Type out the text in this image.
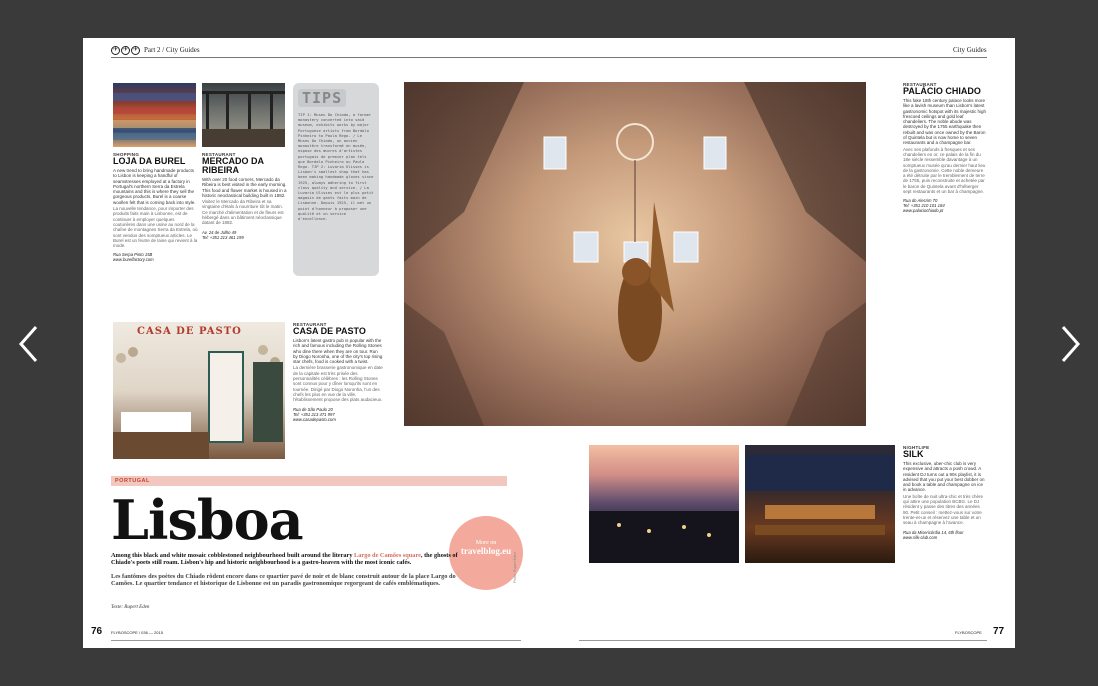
✈ ✈ ✈ Part 2 / City Guides
SHOPPING
LOJA DA BUREL
A new trend to bring handmade products to Lisbon is keeping a handful of seamstresses employed at a factory in Portugal's northern Serra da Estrela mountains and this is where they sell the gorgeous products. Burel is a coarse woollen felt that is coming back into style.
La nouvelle tendance, pour importer des produits faits main à Lisbonne, est de continuer à employer quelques couturières dans une usine au nord de la chaîne de montagnes Serra da Estrela, où sont vendus des somptueux articles. Le Burel est un feutre de laine qui revient à la mode.
Rua Serpa Pinto 15B
www.burelfactory.com
RESTAURANT
MERCADO DA RIBEIRA
With over 20 food corners, Mercado da Ribeira is best visited in the early morning. This food and flower market is housed in a historic neoclassical building built in 1882.
Visitez le Mercado da Ribeira et sa vingtaine d'étals à nourriture tôt le matin. Ce marché d'alimentation et de fleurs est hébergé dans un bâtiment néoclassique datant de 1882.
Av. 24 de Julho 49
Tel: +351 213 461 199
TIPS

TIP 1: Museu Do Chiado, a former monastery converted into said museum, exhibits works by major Portuguese artists from Bordalo Pinheiro to Paula Rego. / Le Museu Do Chiado, un ancien monastère transformé en musée, expose des œuvres d'artistes portugais de premier plan tels que Bordalo Pinheiro ou Paula Rego. TIP 2: Luvaria Ulisses is Lisbon's smallest shop that has been making handmade gloves since 1925, always adhering to first class quality and service. / La Luvaria Ulisses est le plus petit magasin de gants faits main de Lisbonne. Depuis 1925, il met un point d'honneur à proposer une qualité et un service d'excellence.

CASA DE PASTO
RESTAURANT
CASA DE PASTO
Lisbon's latest gastro pub is popular with the rich and famous including the Rolling Stones who dine there when they are on tour. Run by Diogo Noronha, one of the city's top rising star chefs, food is cooked with a twist.
La dernière brasserie gastronomique en date de la capitale est très prisée des personnalités célèbres : les Rolling Stones sont connus pour y dîner lorsqu'ils sont en tournée. Dirigé par Diogo Noronha, l'un des chefs les plus en vue de la ville, l'établissement propose des plats audacieux.
Rua de São Paulo 20
Tel: +351 213 471 997
www.casadepasto.com
PORTUGAL
Lisboa	More on
travelblog.eu
Among this black and white mosaic cobblestoned neighbourhood built around the literary Largo de Camões square, the ghosts of Chiado's poets still roam. Lisbon's hip and historic neighbourhood is a gastro-heaven with the most iconic cafés.
Les fantômes des poètes du Chiado rôdent encore dans ce quartier pavé de noir et de blanc construit autour de la place Largo do Camões. Le quartier tendance et historique de Lisbonne est un paradis gastronomique regorgeant de cafés emblématiques.
Texte: Rupert Eden
Photo: Rupert Eden
76 FLYBOSCOPE / 036 — 2015
City Guides
RESTAURANT
PALÁCIO CHIADO
This fake 18th century palace looks more like a lavish museum than Lisbon's latest gastronomic hotspot with its majestic high frescoed ceilings and gold leaf chandeliers. The noble abode was destroyed by the 1755 earthquake then rebuilt and was once owned by the Baron of Quintela but is now home to seven restaurants and a champagne bar.
Avec ses plafonds à fresques et ses chandeliers en or, ce palais de la fin du 18e siècle ressemble davantage à un somptueux musée qu'au dernier haut lieu de la gastronomie. Cette noble demeure a été détruite par le tremblement de terre de 1755, puis reconstruite et achetée par le baron de Quintela avant d'héberger sept restaurants et un bar à champagne.
Rua do Alecrim 70
Tel: +351 210 101 184
www.palaciochiado.pt
NIGHTLIFE
SILK
This exclusive, uber-chic club is very expensive and attracts a posh crowd. A resident DJ turns out a 90s playlist, it is advised that you put your best dobber on and book a table and champagne on ice in advance.
Une boîte de nuit ultra-chic et très chère qui attire une population BCBG. Le DJ résident y passe des titres des années 90. Petit conseil : mettez-vous sur votre trente-et-un et réservez une table et un seau à champagne à l'avance.
Rua da Misericórdia 14, 6th floor
www.silk-club.com
FLYBOSCOPE 77
